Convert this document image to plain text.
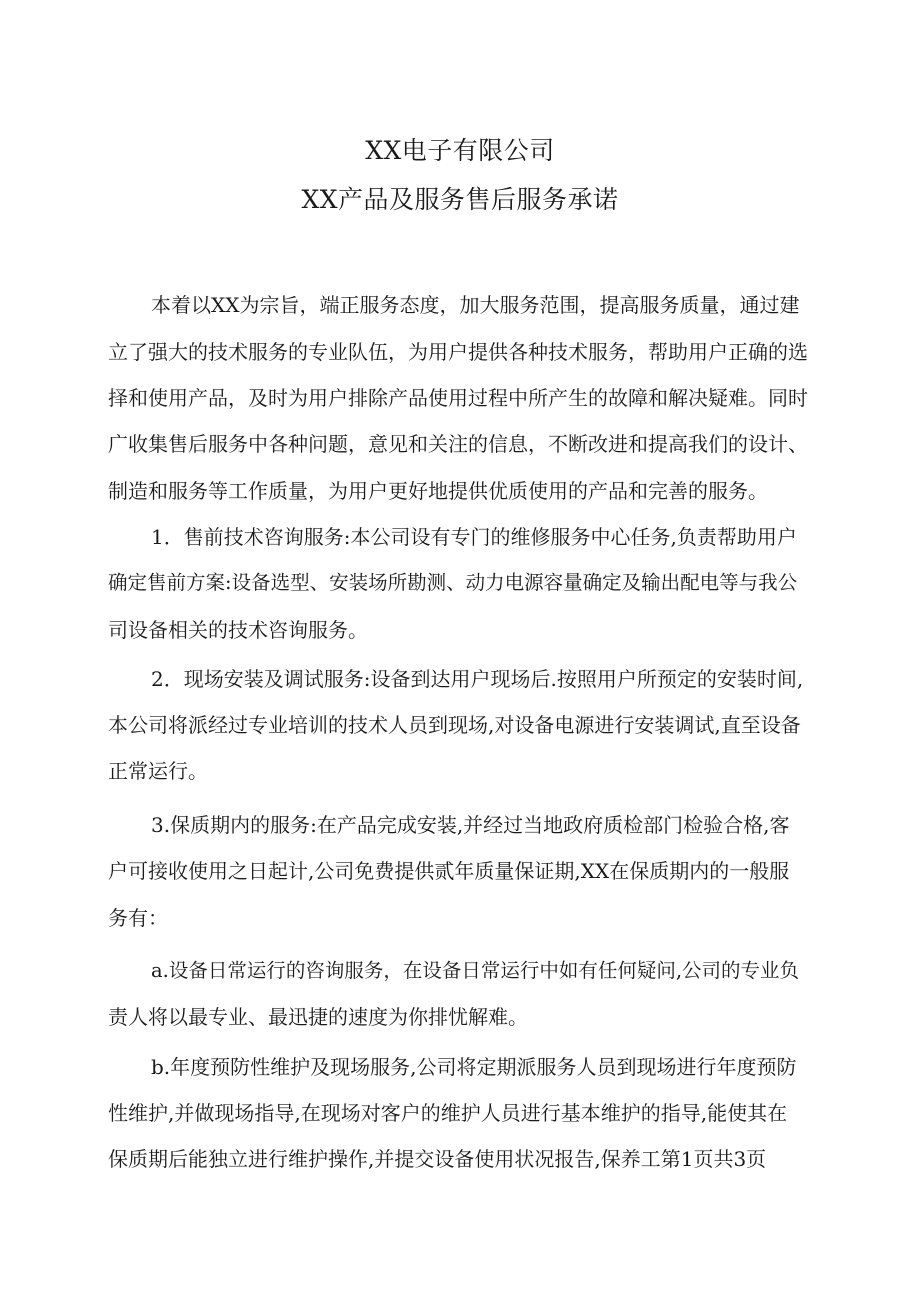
XX电子有限公司
XX产品及服务售后服务承诺
本着以XX为宗旨，端正服务态度，加大服务范围，提高服务质量，通过建
立了强大的技术服务的专业队伍，为用户提供各种技术服务，帮助用户正确的选
择和使用产品，及时为用户排除产品使用过程中所产生的故障和解决疑难。同时
广收集售后服务中各种问题，意见和关注的信息，不断改进和提高我们的设计、
制造和服务等工作质量，为用户更好地提供优质使用的产品和完善的服务。
1．售前技术咨询服务:本公司设有专门的维修服务中心任务,负责帮助用户
确定售前方案:设备选型、安装场所勘测、动力电源容量确定及输出配电等与我公
司设备相关的技术咨询服务。
2．现场安装及调试服务:设备到达用户现场后.按照用户所预定的安装时间,
本公司将派经过专业培训的技术人员到现场,对设备电源进行安装调试,直至设备
正常运行。
3.保质期内的服务:在产品完成安装,并经过当地政府质检部门检验合格,客
户可接收使用之日起计,公司免费提供贰年质量保证期,XX在保质期内的一般服
务有：
a.设备日常运行的咨询服务，在设备日常运行中如有任何疑问,公司的专业负
责人将以最专业、最迅捷的速度为你排忧解难。
b.年度预防性维护及现场服务,公司将定期派服务人员到现场进行年度预防
性维护,并做现场指导,在现场对客户的维护人员进行基本维护的指导,能使其在
保质期后能独立进行维护操作,并提交设备使用状况报告,保养工第1页共3页
